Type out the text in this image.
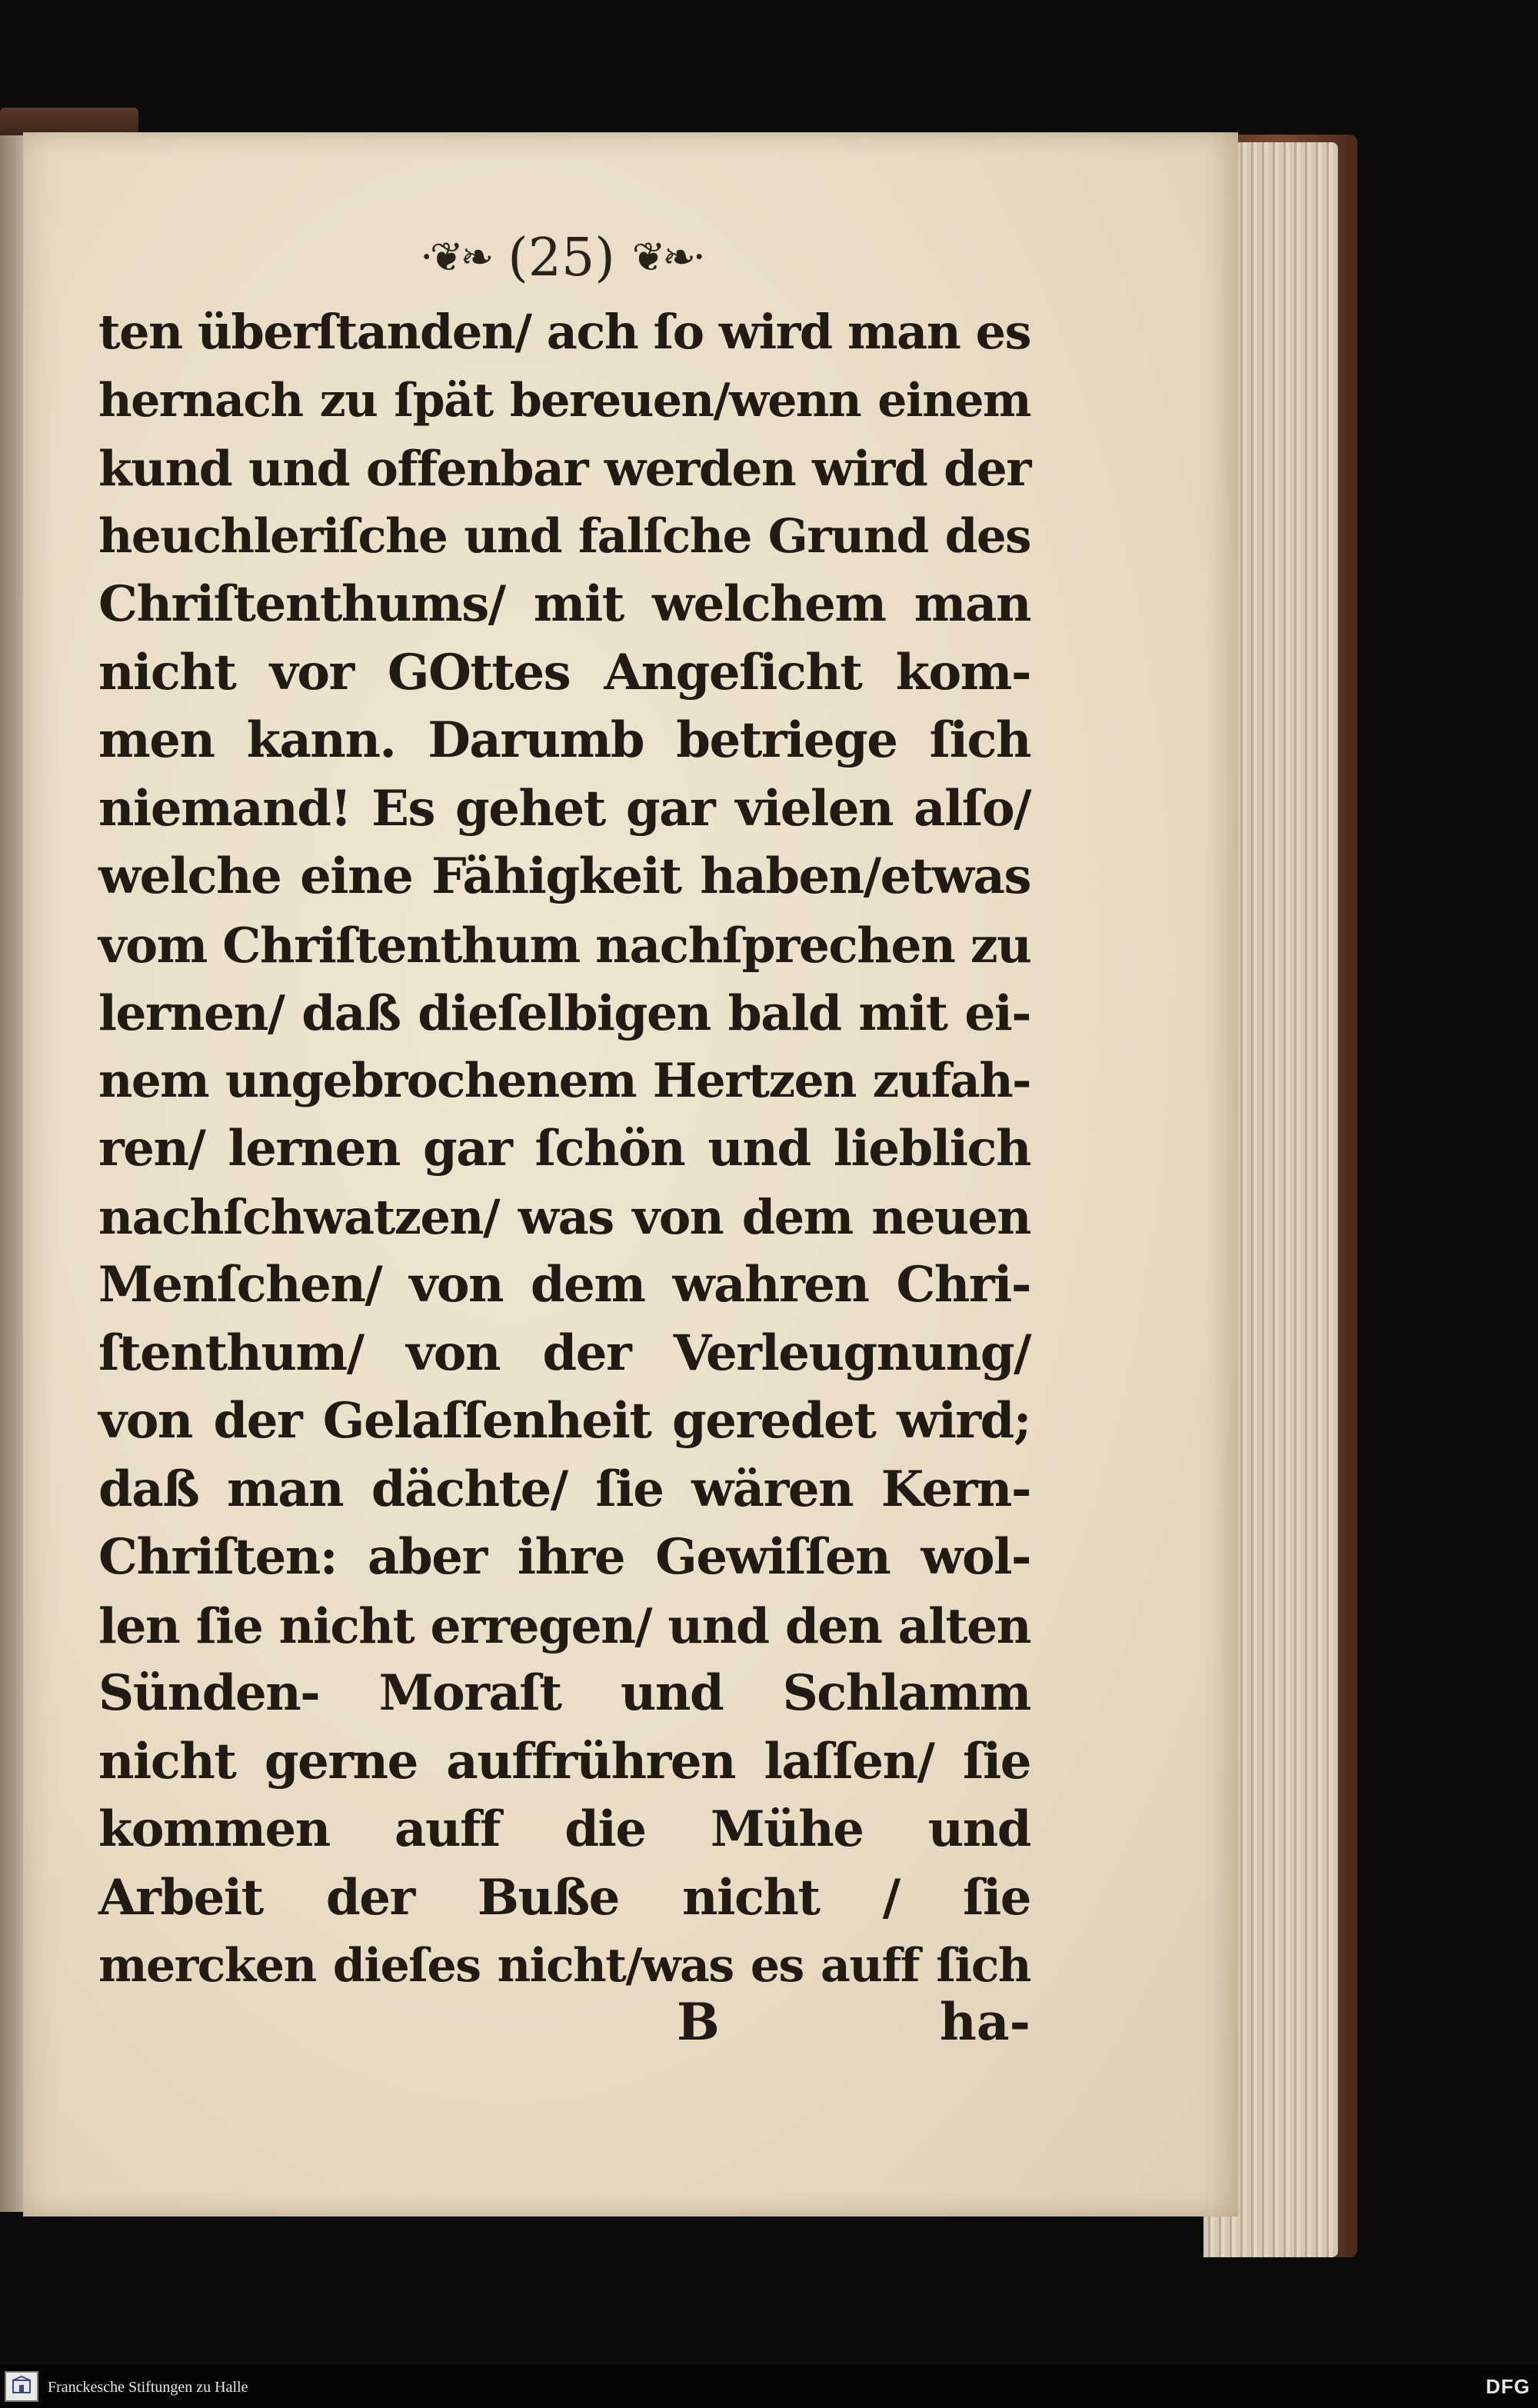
·❦❧ (25) ❦❧·
ten überſtanden/ ach ſo wird man es
hernach zu ſpät bereuen/wenn einem
kund und offenbar werden wird der
heuchleriſche und falſche Grund des
Chriſtenthums/ mit welchem man
nicht vor GOttes Angeſicht kom-
men kann. Darumb betriege ſich
niemand! Es gehet gar vielen alſo/
welche eine Fähigkeit haben/etwas
vom Chriſtenthum nachſprechen zu
lernen/ daß dieſelbigen bald mit ei-
nem ungebrochenem Hertzen zufah-
ren/ lernen gar ſchön und lieblich
nachſchwatzen/ was von dem neuen
Menſchen/ von dem wahren Chri-
ſtenthum/ von der Verleugnung/
von der Gelaſſenheit geredet wird;
daß man dächte/ ſie wären Kern-
Chriſten: aber ihre Gewiſſen wol-
len ſie nicht erregen/ und den alten
Sünden- Moraſt und Schlamm
nicht gerne auffrühren laſſen/ ſie
kommen auff die Mühe und
Arbeit der Buße nicht / ſie
mercken dieſes nicht/was es auff ſich
B	ha-
Franckesche Stiftungen zu Halle	DFG
